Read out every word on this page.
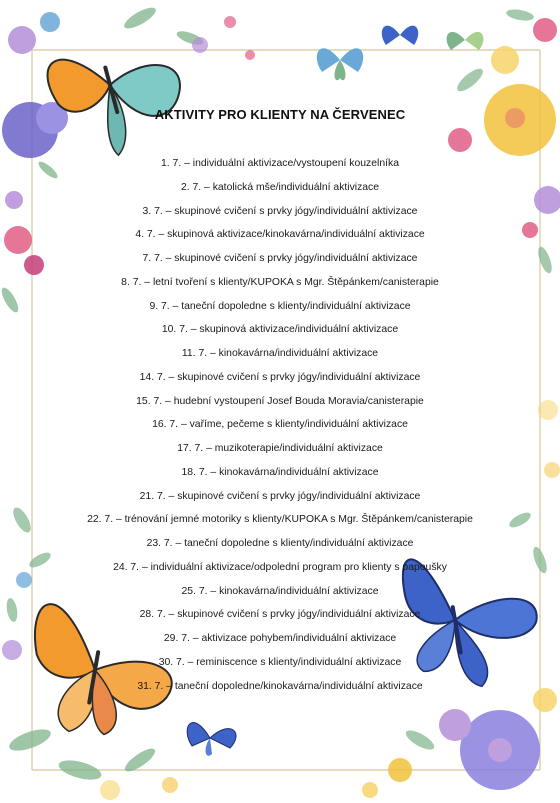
AKTIVITY PRO KLIENTY NA ČERVENEC
1. 7. – individuální aktivizace/vystoupení kouzelníka
2. 7. – katolická mše/individuální aktivizace
3. 7. – skupinové cvičení s prvky jógy/individuální aktivizace
4. 7. – skupinová aktivizace/kinokavárna/individuální aktivizace
7. 7. – skupinové cvičení s prvky jógy/individuální aktivizace
8. 7. – letní tvoření s klienty/KUPOKA s Mgr. Štěpánkem/canisterapie
9. 7. – taneční dopoledne s klienty/individuální aktivizace
10. 7. – skupinová aktivizace/individuální aktivizace
11. 7. – kinokavárna/individuální aktivizace
14. 7. – skupinové cvičení s prvky jógy/individuální aktivizace
15. 7. – hudební vystoupení Josef Bouda Moravia/canisterapie
16. 7. – vaříme, pečeme s klienty/individuální aktivizace
17. 7. – muzikoterapie/individuální aktivizace
18. 7. – kinokavárna/individuální aktivizace
21. 7. – skupinové cvičení s prvky jógy/individuální aktivizace
22. 7. – trénování jemné motoriky s klienty/KUPOKA s Mgr. Štěpánkem/canisterapie
23. 7. – taneční dopoledne s klienty/individuální aktivizace
24. 7. – individuální aktivizace/odpolední program pro klienty s papoušky
25. 7. – kinokavárna/individuální aktivizace
28. 7. – skupinové cvičení s prvky jógy/individuální aktivizace
29. 7. – aktivizace pohybem/individuální aktivizace
30. 7. – reminiscence s klienty/individuální aktivizace
31. 7. – taneční dopoledne/kinokavárna/individuální aktivizace
